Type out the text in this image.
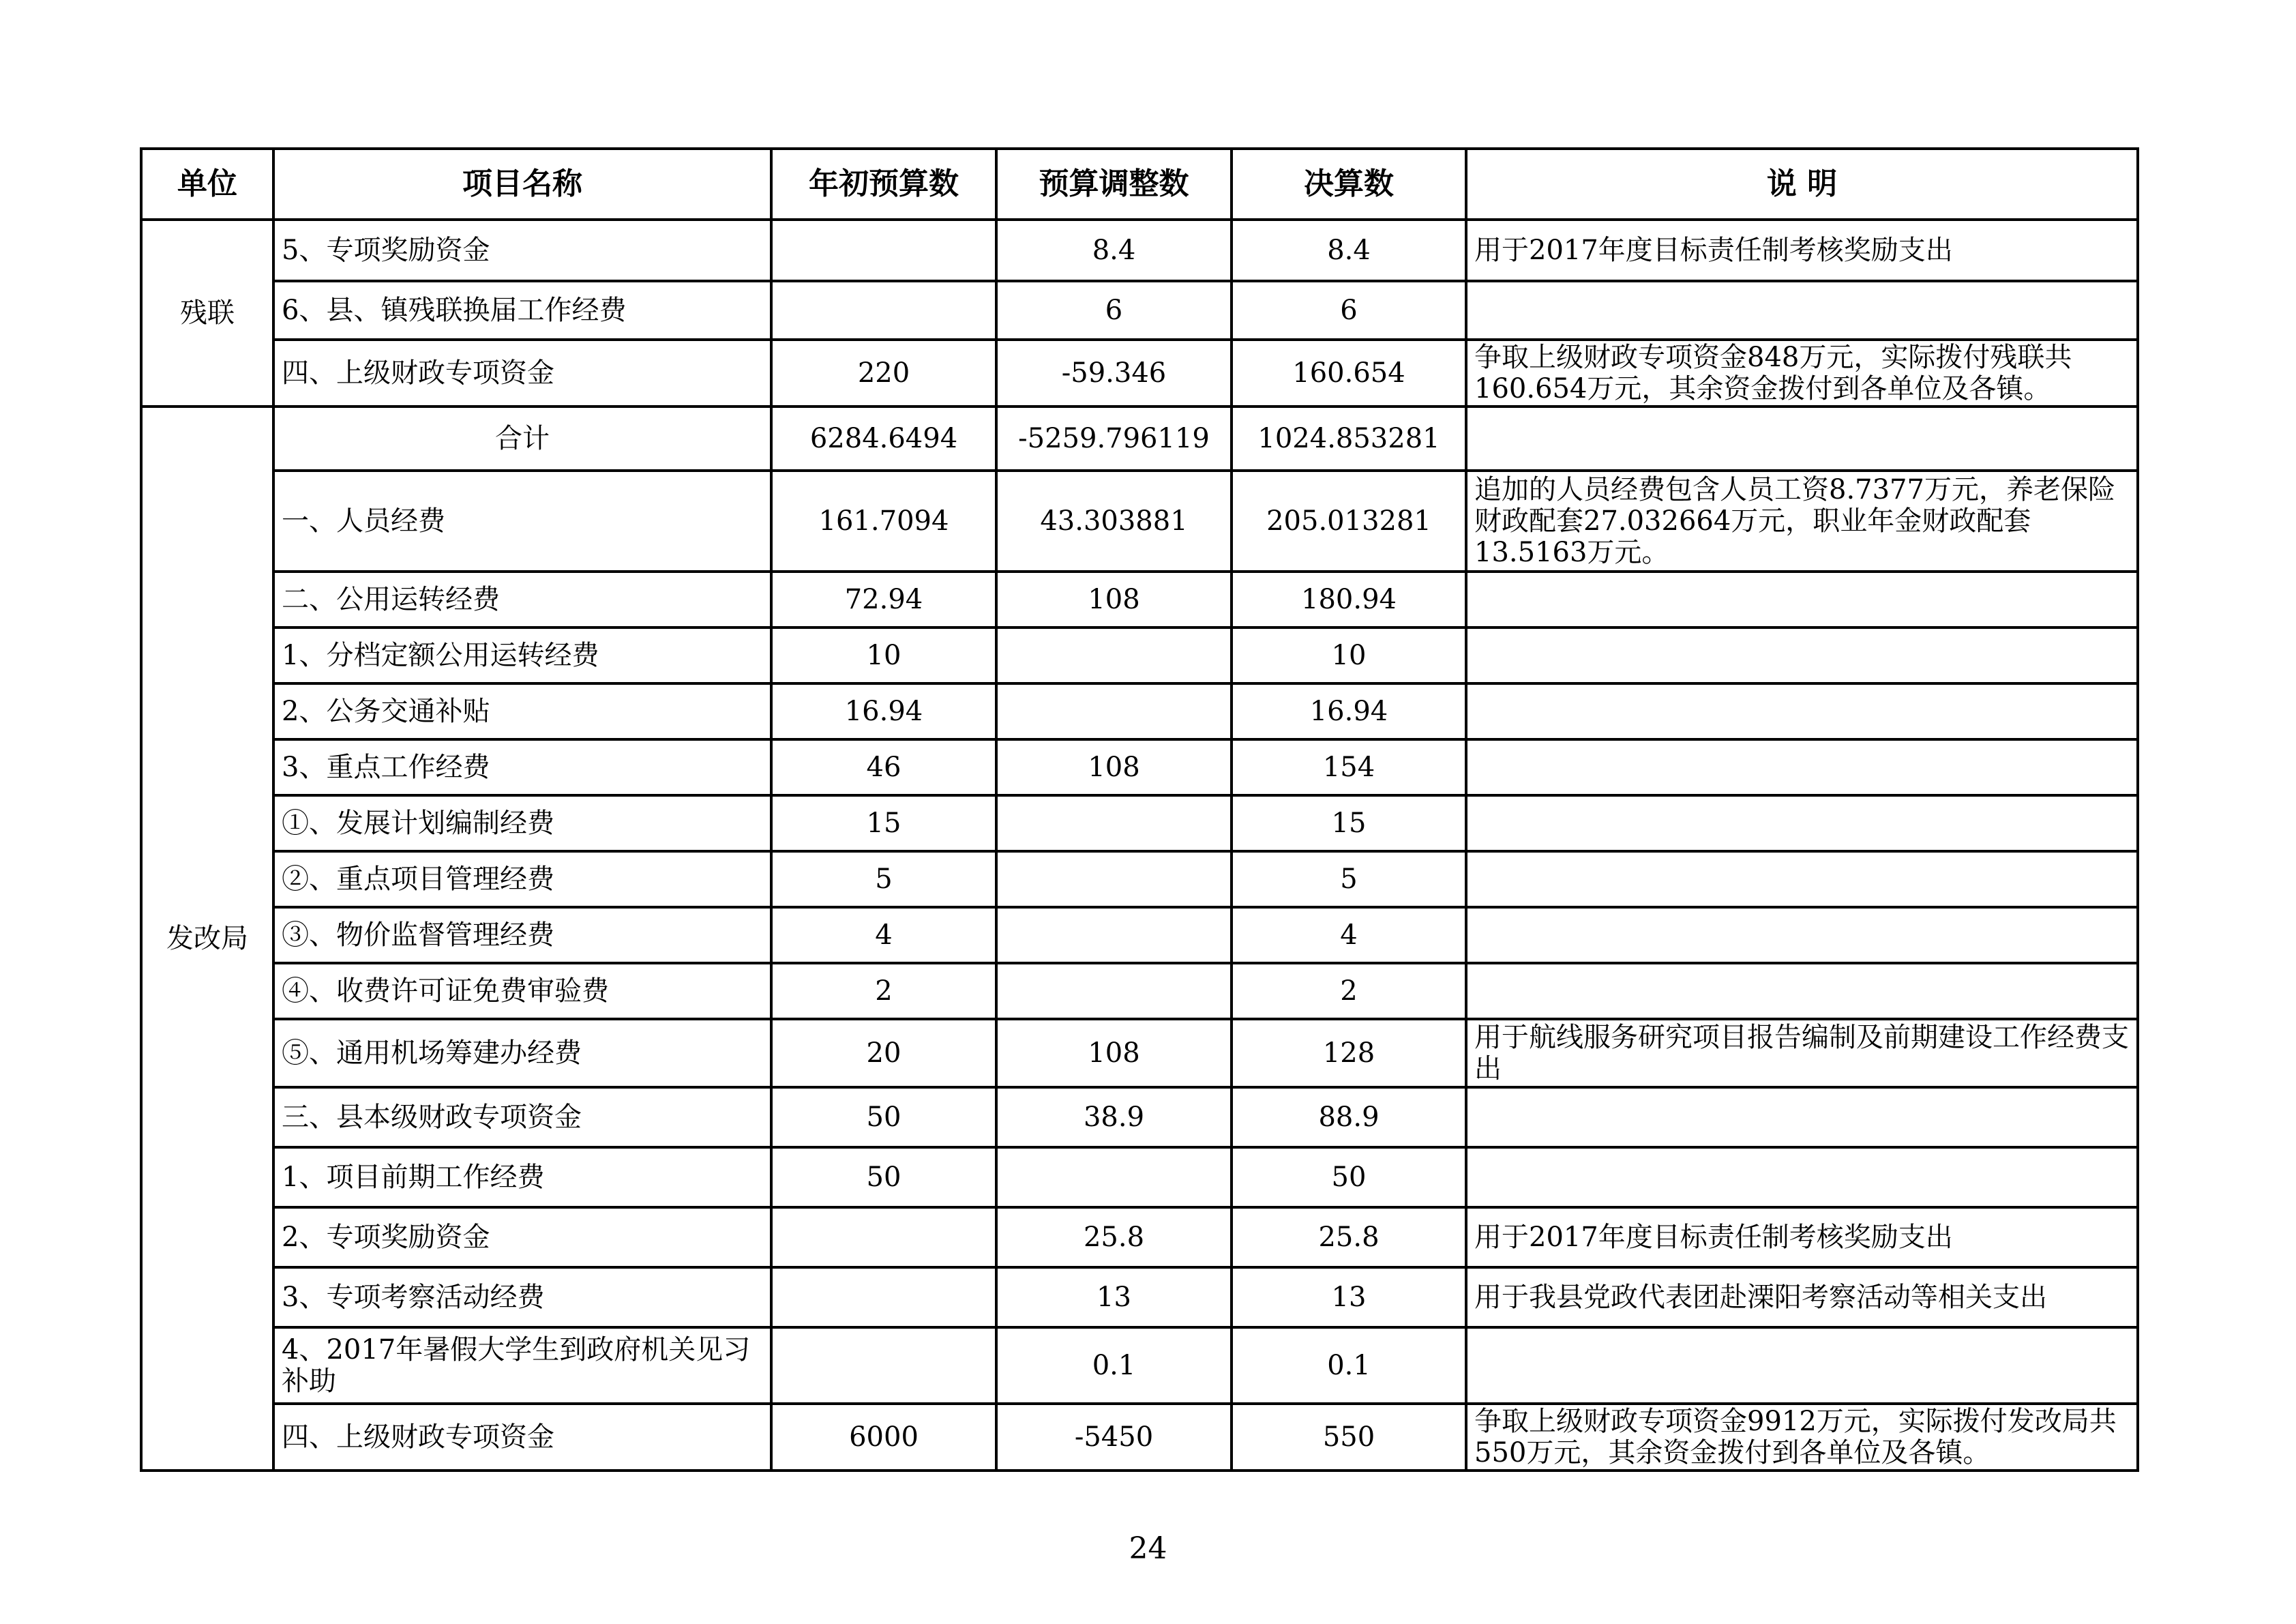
单位	项目名称	年初预算数	预算调整数	决算数	说 明
残联	5、专项奖励资金		8.4	8.4	用于2017年度目标责任制考核奖励支出
	6、县、镇残联换届工作经费		6	6	
	四、上级财政专项资金	220	-59.346	160.654	争取上级财政专项资金848万元，实际拨付残联共160.654万元，其余资金拨付到各单位及各镇。
发改局	合计	6284.6494	-5259.796119	1024.853281	
	一、人员经费	161.7094	43.303881	205.013281	追加的人员经费包含人员工资8.7377万元，养老保险财政配套27.032664万元，职业年金财政配套13.5163万元。
	二、公用运转经费	72.94	108	180.94	
	1、分档定额公用运转经费	10		10	
	2、公务交通补贴	16.94		16.94	
	3、重点工作经费	46	108	154	
	①、发展计划编制经费	15		15	
	②、重点项目管理经费	5		5	
	③、物价监督管理经费	4		4	
	④、收费许可证免费审验费	2		2	
	⑤、通用机场筹建办经费	20	108	128	用于航线服务研究项目报告编制及前期建设工作经费支出
	三、县本级财政专项资金	50	38.9	88.9	
	1、项目前期工作经费	50		50	
	2、专项奖励资金		25.8	25.8	用于2017年度目标责任制考核奖励支出
	3、专项考察活动经费		13	13	用于我县党政代表团赴溧阳考察活动等相关支出
	4、2017年暑假大学生到政府机关见习补助		0.1	0.1	
	四、上级财政专项资金	6000	-5450	550	争取上级财政专项资金9912万元，实际拨付发改局共550万元，其余资金拨付到各单位及各镇。
24
